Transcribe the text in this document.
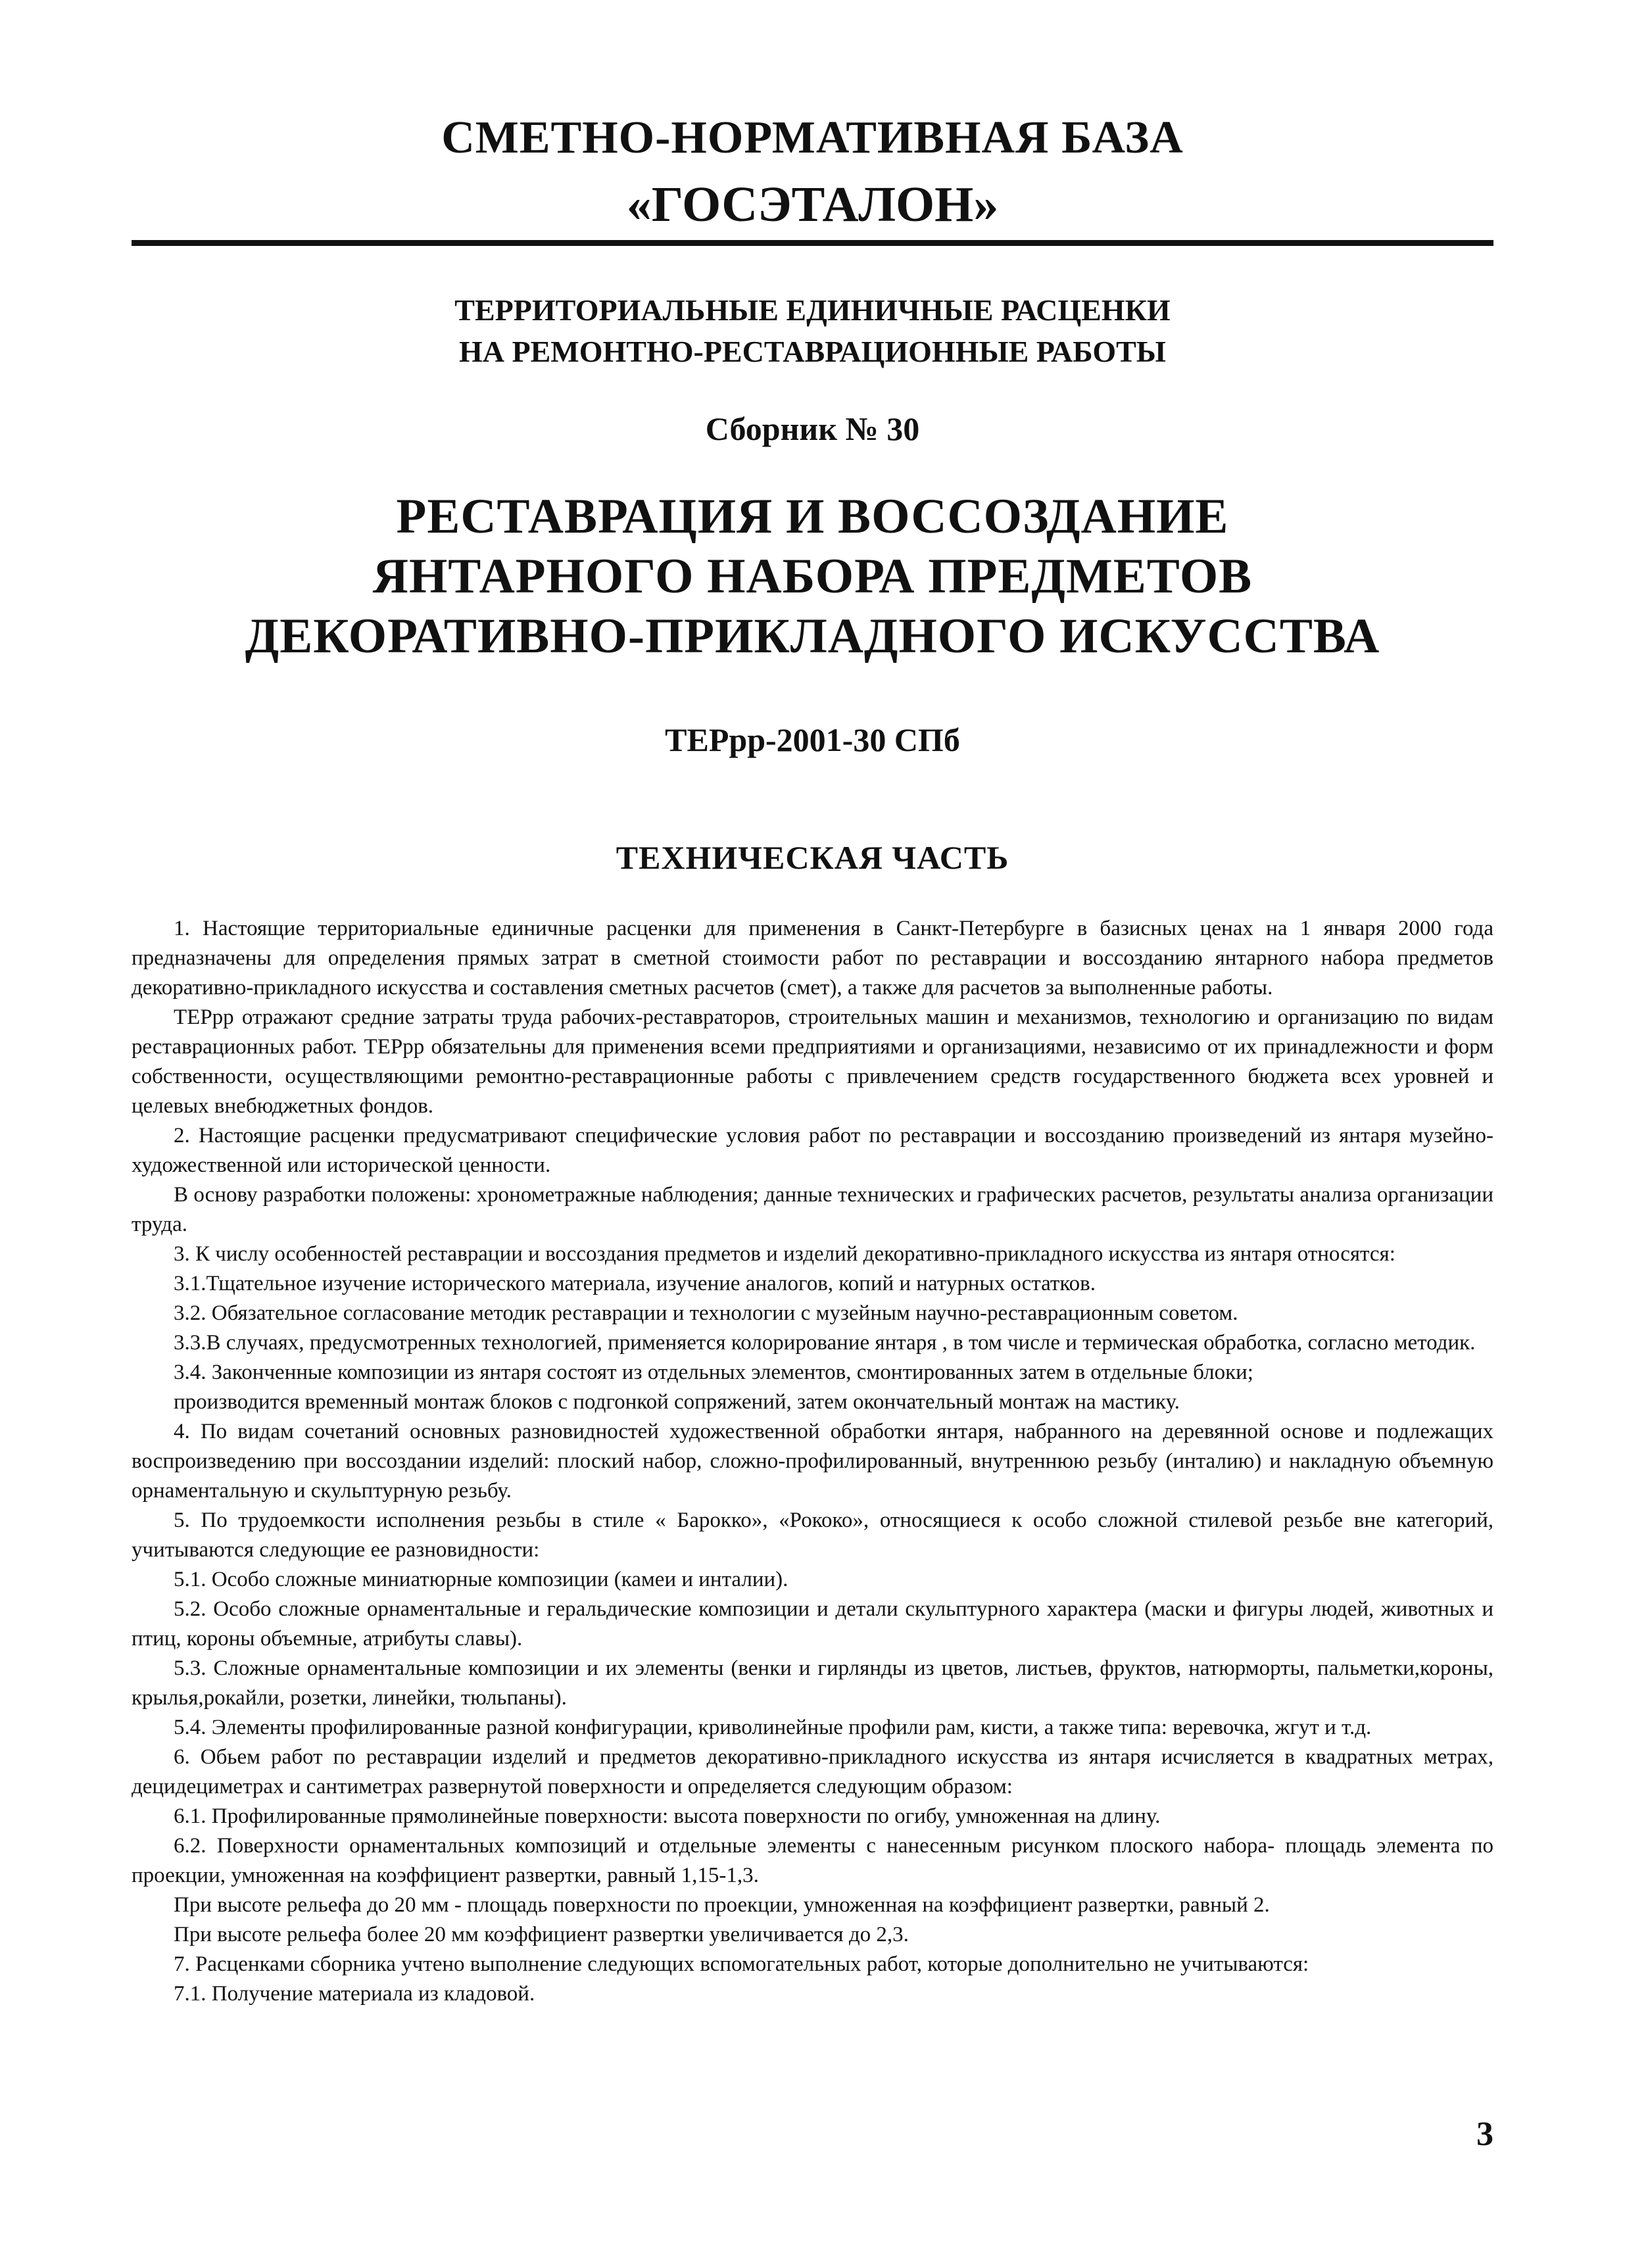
СМЕТНО-НОРМАТИВНАЯ БАЗА
«ГОСЭТАЛОН»
ТЕРРИТОРИАЛЬНЫЕ ЕДИНИЧНЫЕ РАСЦЕНКИ
НА РЕМОНТНО-РЕСТАВРАЦИОННЫЕ РАБОТЫ
Сборник № 30
РЕСТАВРАЦИЯ И ВОССОЗДАНИЕ
ЯНТАРНОГО НАБОРА ПРЕДМЕТОВ
ДЕКОРАТИВНО-ПРИКЛАДНОГО ИСКУССТВА
ТЕРрр-2001-30 СПб
ТЕХНИЧЕСКАЯ ЧАСТЬ

1. Настоящие территориальные единичные расценки для применения в Санкт-Петербурге в базисных ценах на 1 января 2000 года предназначены для определения прямых затрат в сметной стоимости работ по реставрации и воссозданию янтарного набора предметов декоративно-прикладного искусства и составления сметных расчетов (смет), а также для расчетов за выполненные работы.

ТЕРрр отражают средние затраты труда рабочих-реставраторов, строительных машин и механизмов, технологию и организацию по видам реставрационных работ. ТЕРрр обязательны для применения всеми предприятиями и организациями, независимо от их принадлежности и форм собственности, осуществляющими ремонтно-реставрационные работы с привлечением средств государственного бюджета всех уровней и целевых внебюджетных фондов.

2. Настоящие расценки предусматривают специфические условия работ по реставрации и воссозданию произведений из янтаря музейно-художественной или исторической ценности.

В основу разработки положены: хронометражные наблюдения; данные технических и графических расчетов, результаты анализа организации труда.

3. К числу особенностей реставрации и воссоздания предметов и изделий декоративно-прикладного искусства из янтаря относятся:

3.1.Тщательное изучение исторического материала, изучение аналогов, копий и натурных остатков.

3.2. Обязательное согласование методик реставрации и технологии с музейным научно-реставрационным советом.

3.3.В случаях, предусмотренных технологией, применяется колорирование янтаря , в том числе и термическая обработка, согласно методик.

3.4. Законченные композиции из янтаря состоят из отдельных элементов, смонтированных затем в отдельные блоки;

производится временный монтаж блоков с подгонкой сопряжений, затем окончательный монтаж на мастику.

4. По видам сочетаний основных разновидностей художественной обработки янтаря, набранного на деревянной основе и подлежащих воспроизведению при воссоздании изделий: плоский набор, сложно-профилированный, внутреннюю резьбу (инталию) и накладную объемную орнаментальную и скульптурную резьбу.

5. По трудоемкости исполнения резьбы в стиле « Барокко», «Рококо», относящиеся к особо сложной стилевой резьбе вне категорий, учитываются следующие ее разновидности:

5.1. Особо сложные миниатюрные композиции (камеи и инталии).

5.2. Особо сложные орнаментальные и геральдические композиции и детали скульптурного характера (маски и фигуры людей, животных и птиц, короны объемные, атрибуты славы).

5.3. Сложные орнаментальные композиции и их элементы (венки и гирлянды из цветов, листьев, фруктов, натюрморты, пальметки,короны, крылья,рокайли, розетки, линейки, тюльпаны).

5.4. Элементы профилированные разной конфигурации, криволинейные профили рам, кисти, а также типа: веревочка, жгут и т.д.

6. Обьем работ по реставрации изделий и предметов декоративно-прикладного искусства из янтаря исчисляется в квадратных метрах, децидециметрах и сантиметрах развернутой поверхности и определяется следующим образом:

6.1. Профилированные прямолинейные поверхности: высота поверхности по огибу, умноженная на длину.

6.2. Поверхности орнаментальных композиций и отдельные элементы с нанесенным рисунком плоского набора- площадь элемента по проекции, умноженная на коэффициент развертки, равный 1,15-1,3.

При высоте рельефа до 20 мм - площадь поверхности по проекции, умноженная на коэффициент развертки, равный 2.

При высоте рельефа более 20 мм коэффициент развертки увеличивается до 2,3.

7. Расценками сборника учтено выполнение следующих вспомогательных работ, которые дополнительно не учитываются:

7.1. Получение материала из кладовой.

3
